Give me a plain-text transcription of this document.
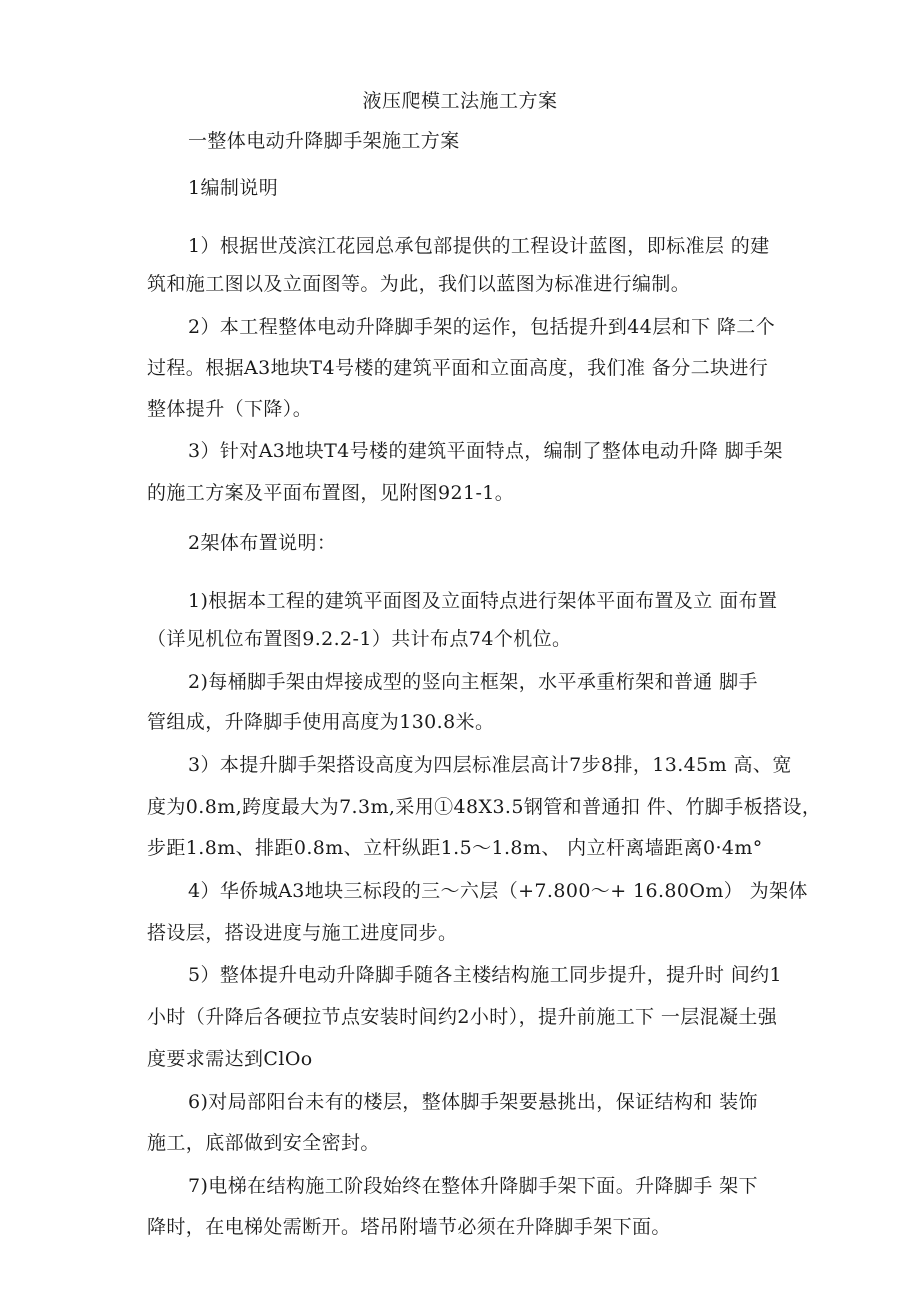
液压爬模工法施工方案
一整体电动升降脚手架施工方案
1编制说明
1）根据世茂滨江花园总承包部提供的工程设计蓝图，即标准层 的建
筑和施工图以及立面图等。为此，我们以蓝图为标准进行编制。
2）本工程整体电动升降脚手架的运作，包括提升到44层和下 降二个
过程。根据A3地块T4号楼的建筑平面和立面高度，我们准 备分二块进行
整体提升（下降）。
3）针对A3地块T4号楼的建筑平面特点，编制了整体电动升降 脚手架
的施工方案及平面布置图，见附图921-1。
2架体布置说明：
1)根据本工程的建筑平面图及立面特点进行架体平面布置及立 面布置
（详见机位布置图9.2.2-1）共计布点74个机位。
2)每桶脚手架由焊接成型的竖向主框架，水平承重桁架和普通 脚手
管组成，升降脚手使用高度为130.8米。
3）本提升脚手架搭设高度为四层标准层高计7步8排，13.45m 高、宽
度为0.8m,跨度最大为7.3m,采用①48X3.5钢管和普通扣 件、竹脚手板搭设，
步距1.8m、排距0.8m、立杆纵距1.5～1.8m、 内立杆离墙距离0·4m°
4）华侨城A3地块三标段的三～六层（+7.800～+ 16.80Om） 为架体
搭设层，搭设进度与施工进度同步。
5）整体提升电动升降脚手随各主楼结构施工同步提升，提升时 间约1
小时（升降后各硬拉节点安装时间约2小时），提升前施工下 一层混凝土强
度要求需达到ClOo
6)对局部阳台未有的楼层，整体脚手架要悬挑出，保证结构和 装饰
施工，底部做到安全密封。
7)电梯在结构施工阶段始终在整体升降脚手架下面。升降脚手 架下
降时，在电梯处需断开。塔吊附墙节必须在升降脚手架下面。
